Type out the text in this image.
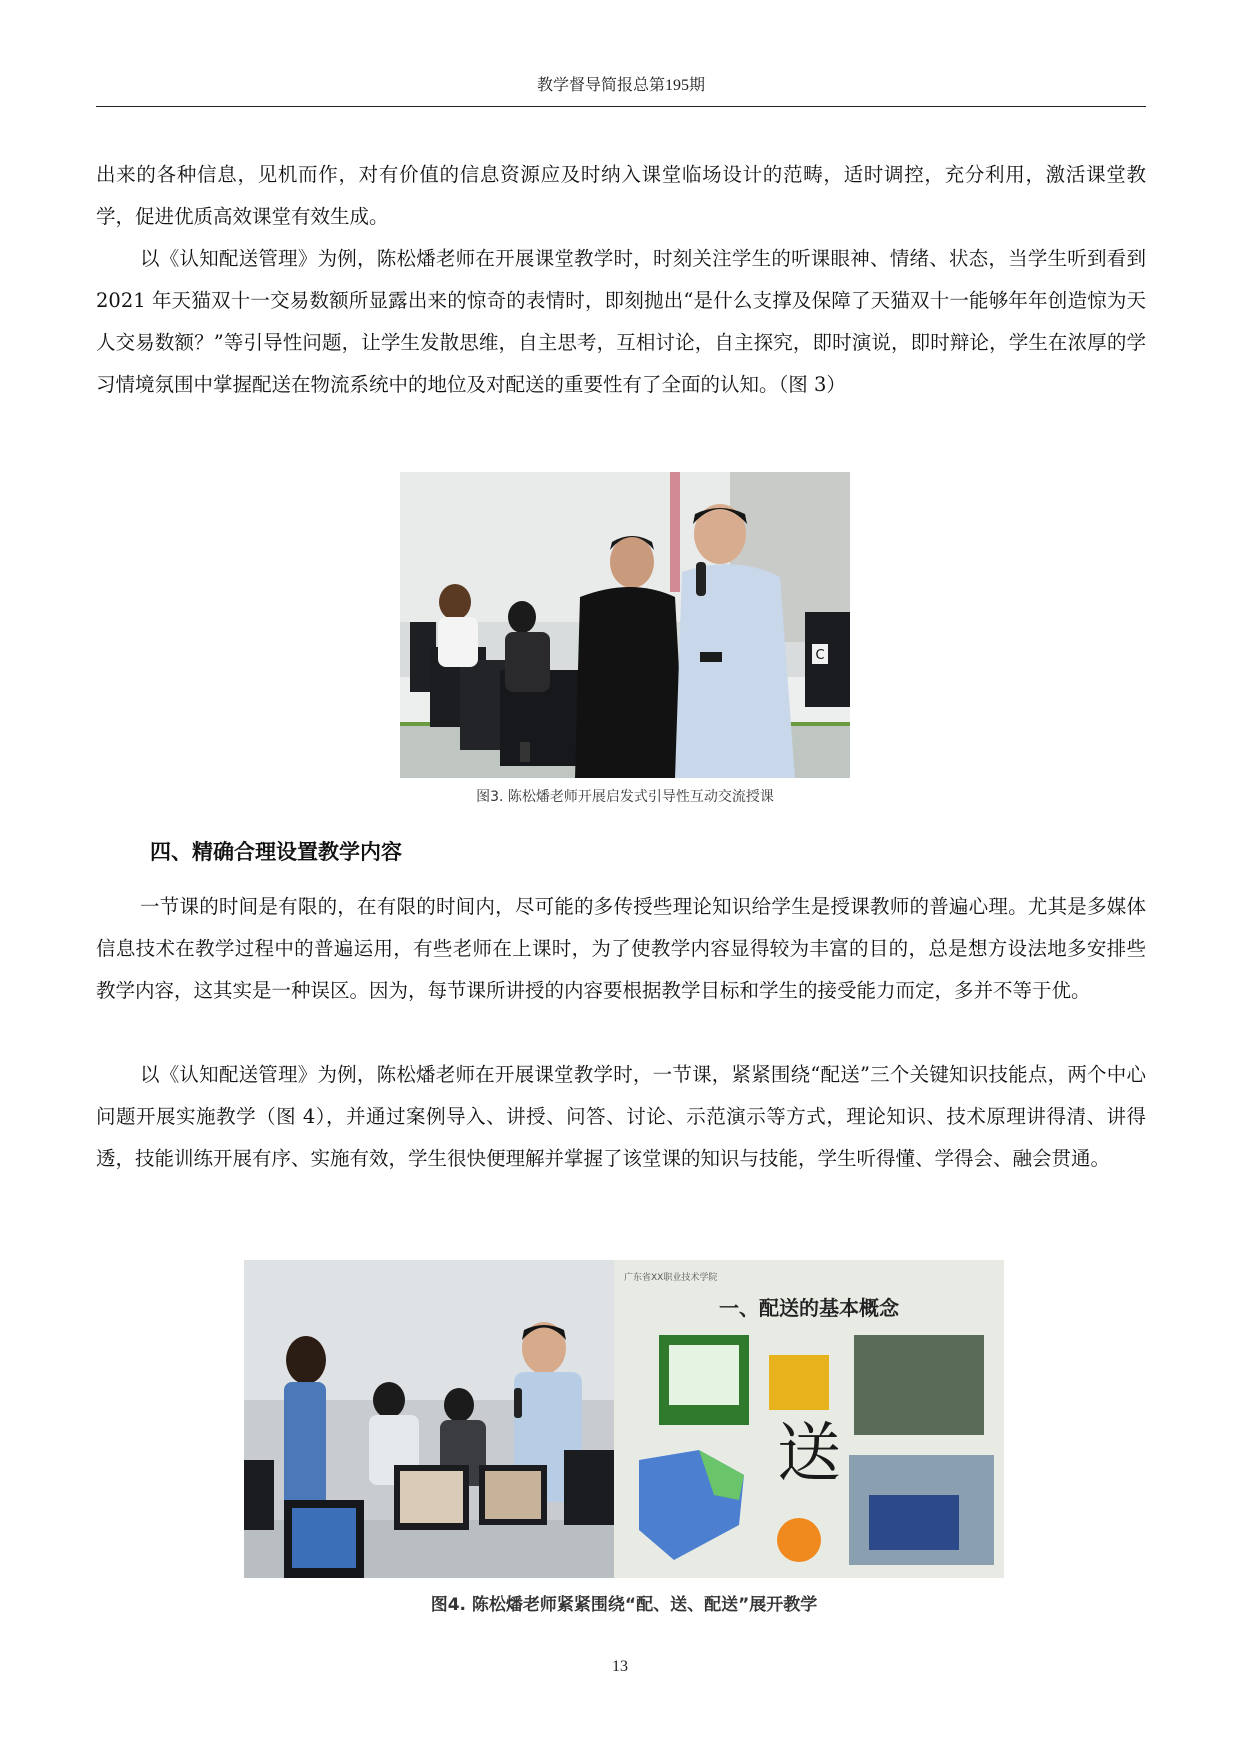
教学督导简报总第195期

出来的各种信息，见机而作，对有价值的信息资源应及时纳入课堂临场设计的范畴，适时调控，充分利用，激活课堂教学，促进优质高效课堂有效生成。

以《认知配送管理》为例，陈松燔老师在开展课堂教学时，时刻关注学生的听课眼神、情绪、状态，当学生听到看到 2021 年天猫双十一交易数额所显露出来的惊奇的表情时，即刻抛出“是什么支撑及保障了天猫双十一能够年年创造惊为天人交易数额？”等引导性问题，让学生发散思维，自主思考，互相讨论，自主探究，即时演说，即时辩论，学生在浓厚的学习情境氛围中掌握配送在物流系统中的地位及对配送的重要性有了全面的认知。（图 3）

C
图3. 陈松燔老师开展启发式引导性互动交流授课
四、精确合理设置教学内容

一节课的时间是有限的，在有限的时间内，尽可能的多传授些理论知识给学生是授课教师的普遍心理。尤其是多媒体信息技术在教学过程中的普遍运用，有些老师在上课时，为了使教学内容显得较为丰富的目的，总是想方设法地多安排些教学内容，这其实是一种误区。因为，每节课所讲授的内容要根据教学目标和学生的接受能力而定，多并不等于优。

以《认知配送管理》为例，陈松燔老师在开展课堂教学时，一节课，紧紧围绕“配送”三个关键知识技能点，两个中心问题开展实施教学（图 4），并通过案例导入、讲授、问答、讨论、示范演示等方式，理论知识、技术原理讲得清、讲得透，技能训练开展有序、实施有效，学生很快便理解并掌握了该堂课的知识与技能，学生听得懂、学得会、融会贯通。

广东省XX职业技术学院
一、配送的基本概念
送
图4. 陈松燔老师紧紧围绕“配、送、配送”展开教学
13
